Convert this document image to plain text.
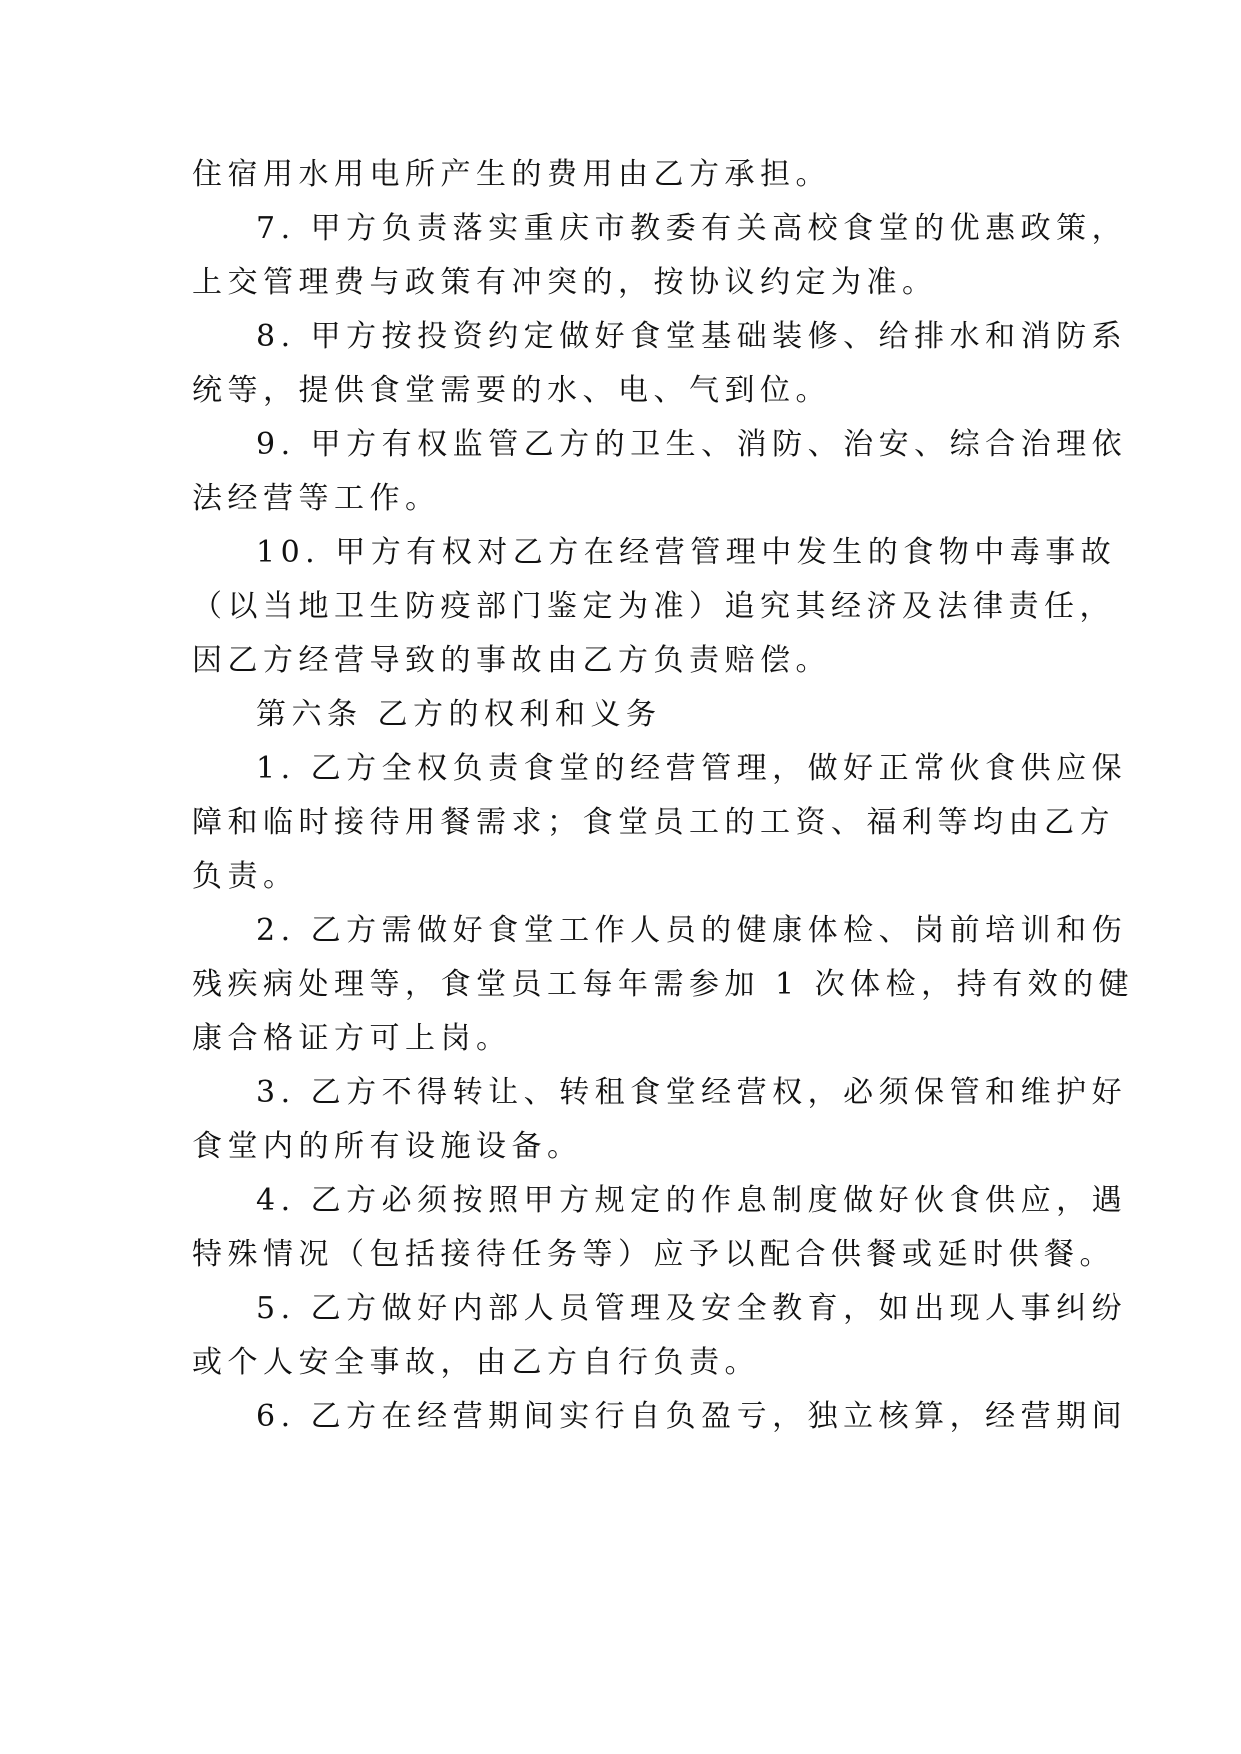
住宿用水用电所产生的费用由乙方承担。
7. 甲方负责落实重庆市教委有关高校食堂的优惠政策，
上交管理费与政策有冲突的，按协议约定为准。
8. 甲方按投资约定做好食堂基础装修、给排水和消防系
统等，提供食堂需要的水、电、气到位。
9. 甲方有权监管乙方的卫生、消防、治安、综合治理依
法经营等工作。
10. 甲方有权对乙方在经营管理中发生的食物中毒事故
（以当地卫生防疫部门鉴定为准）追究其经济及法律责任，
因乙方经营导致的事故由乙方负责赔偿。
第六条 乙方的权利和义务
1. 乙方全权负责食堂的经营管理，做好正常伙食供应保
障和临时接待用餐需求；食堂员工的工资、福利等均由乙方
负责。
2. 乙方需做好食堂工作人员的健康体检、岗前培训和伤
残疾病处理等，食堂员工每年需参加 1 次体检，持有效的健
康合格证方可上岗。
3. 乙方不得转让、转租食堂经营权，必须保管和维护好
食堂内的所有设施设备。
4. 乙方必须按照甲方规定的作息制度做好伙食供应，遇
特殊情况（包括接待任务等）应予以配合供餐或延时供餐。
5. 乙方做好内部人员管理及安全教育，如出现人事纠纷
或个人安全事故，由乙方自行负责。
6. 乙方在经营期间实行自负盈亏，独立核算，经营期间
